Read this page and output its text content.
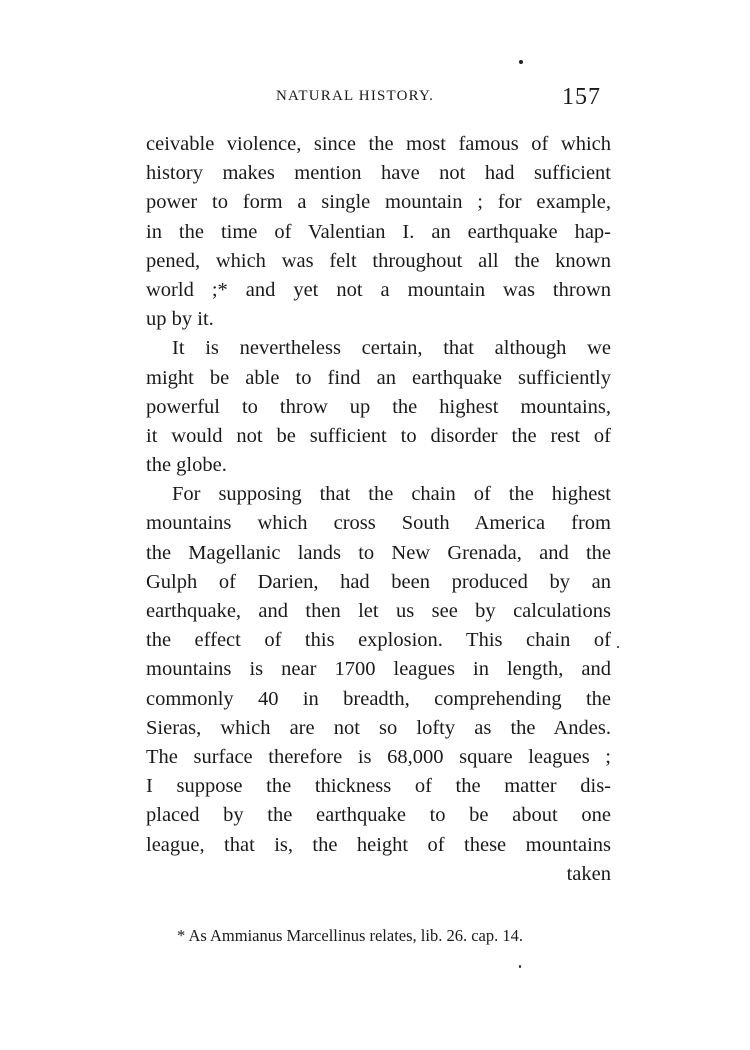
NATURAL HISTORY.	157
ceivable violence, since the most famous of which
history makes mention have not had sufficient
power to form a single mountain ; for example,
in the time of Valentian I. an earthquake hap-
pened, which was felt throughout all the known
world ;* and yet not a mountain was thrown
up by it.
It is nevertheless certain, that although we
might be able to find an earthquake sufficiently
powerful to throw up the highest mountains,
it would not be sufficient to disorder the rest of
the globe.
For supposing that the chain of the highest
mountains which cross South America from
the Magellanic lands to New Grenada, and the
Gulph of Darien, had been produced by an
earthquake, and then let us see by calculations
the effect of this explosion. This chain of
mountains is near 1700 leagues in length, and
commonly 40 in breadth, comprehending the
Sieras, which are not so lofty as the Andes.
The surface therefore is 68,000 square leagues ;
I suppose the thickness of the matter dis-
placed by the earthquake to be about one
league, that is, the height of these mountains
taken
* As Ammianus Marcellinus relates, lib. 26. cap. 14.
